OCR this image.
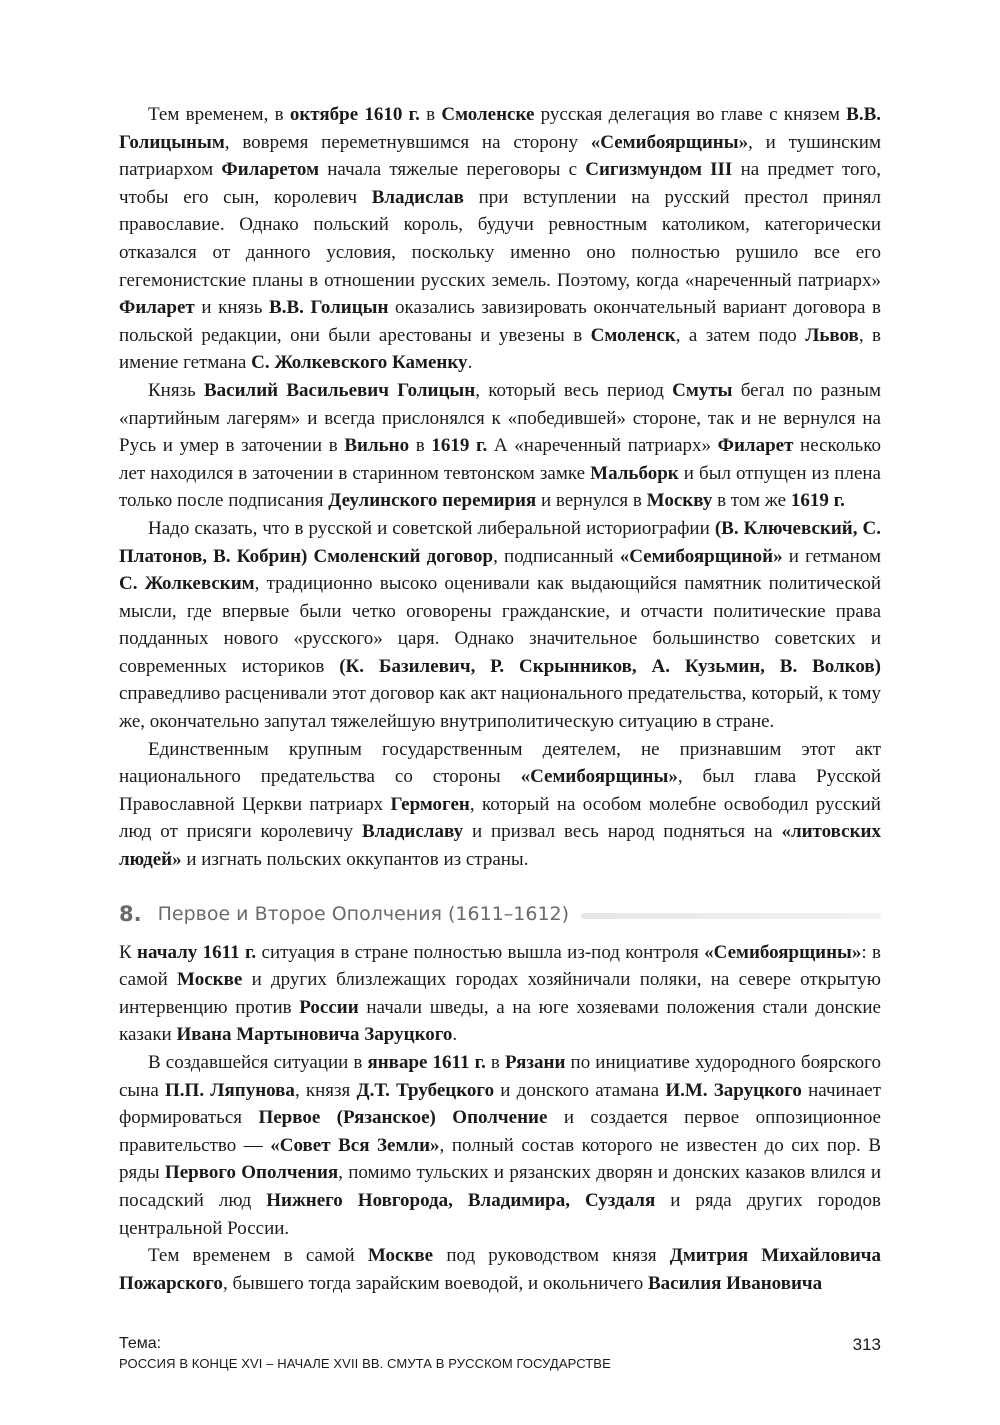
Тем временем, в октябре 1610 г. в Смоленске русская делегация во главе с князем В.В. Голицыным, вовремя переметнувшимся на сторону «Семибоярщины», и тушинским патриархом Филаретом начала тяжелые переговоры с Сигизмундом III на предмет того, чтобы его сын, королевич Владислав при вступлении на русский престол принял православие. Однако польский король, будучи ревностным католиком, категорически отказался от данного условия, поскольку именно оно полностью рушило все его гегемонистские планы в отношении русских земель. Поэтому, когда «нареченный патриарх» Филарет и князь В.В. Голицын оказались завизировать окончательный вариант договора в польской редакции, они были арестованы и увезены в Смоленск, а затем подо Львов, в имение гетмана С. Жолкевского Каменку.

Князь Василий Васильевич Голицын, который весь период Смуты бегал по разным «партийным лагерям» и всегда прислонялся к «победившей» стороне, так и не вернулся на Русь и умер в заточении в Вильно в 1619 г. А «нареченный патриарх» Филарет несколько лет находился в заточении в старинном тевтонском замке Мальборк и был отпущен из плена только после подписания Деулинского перемирия и вернулся в Москву в том же 1619 г.

Надо сказать, что в русской и советской либеральной историографии (В. Ключевский, С. Платонов, В. Кобрин) Смоленский договор, подписанный «Семибоярщиной» и гетманом С. Жолкевским, традиционно высоко оценивали как выдающийся памятник политической мысли, где впервые были четко оговорены гражданские, и отчасти политические права подданных нового «русского» царя. Однако значительное большинство советских и современных историков (К. Базилевич, Р. Скрынников, А. Кузьмин, В. Волков) справедливо расценивали этот договор как акт национального предательства, который, к тому же, окончательно запутал тяжелейшую внутриполитическую ситуацию в стране.

Единственным крупным государственным деятелем, не признавшим этот акт национального предательства со стороны «Семибоярщины», был глава Русской Православной Церкви патриарх Гермоген, который на особом молебне освободил русский люд от присяги королевичу Владиславу и призвал весь народ подняться на «литовских людей» и изгнать польских оккупантов из страны.

8. Первое и Второе Ополчения (1611–1612)

К началу 1611 г. ситуация в стране полностью вышла из-под контроля «Семибоярщины»: в самой Москве и других близлежащих городах хозяйничали поляки, на севере открытую интервенцию против России начали шведы, а на юге хозяевами положения стали донские казаки Ивана Мартыновича Заруцкого.

В создавшейся ситуации в январе 1611 г. в Рязани по инициативе худородного боярского сына П.П. Ляпунова, князя Д.Т. Трубецкого и донского атамана И.М. Заруцкого начинает формироваться Первое (Рязанское) Ополчение и создается первое оппозиционное правительство — «Совет Вся Земли», полный состав которого не известен до сих пор. В ряды Первого Ополчения, помимо тульских и рязанских дворян и донских казаков влился и посадский люд Нижнего Новгорода, Владимира, Суздаля и ряда других городов центральной России.

Тем временем в самой Москве под руководством князя Дмитрия Михайловича Пожарского, бывшего тогда зарайским воеводой, и окольничего Василия Ивановича

Тема:
РОССИЯ В КОНЦЕ XVI – НАЧАЛЕ XVII ВВ. СМУТА В РУССКОМ ГОСУДАРСТВЕ
313
